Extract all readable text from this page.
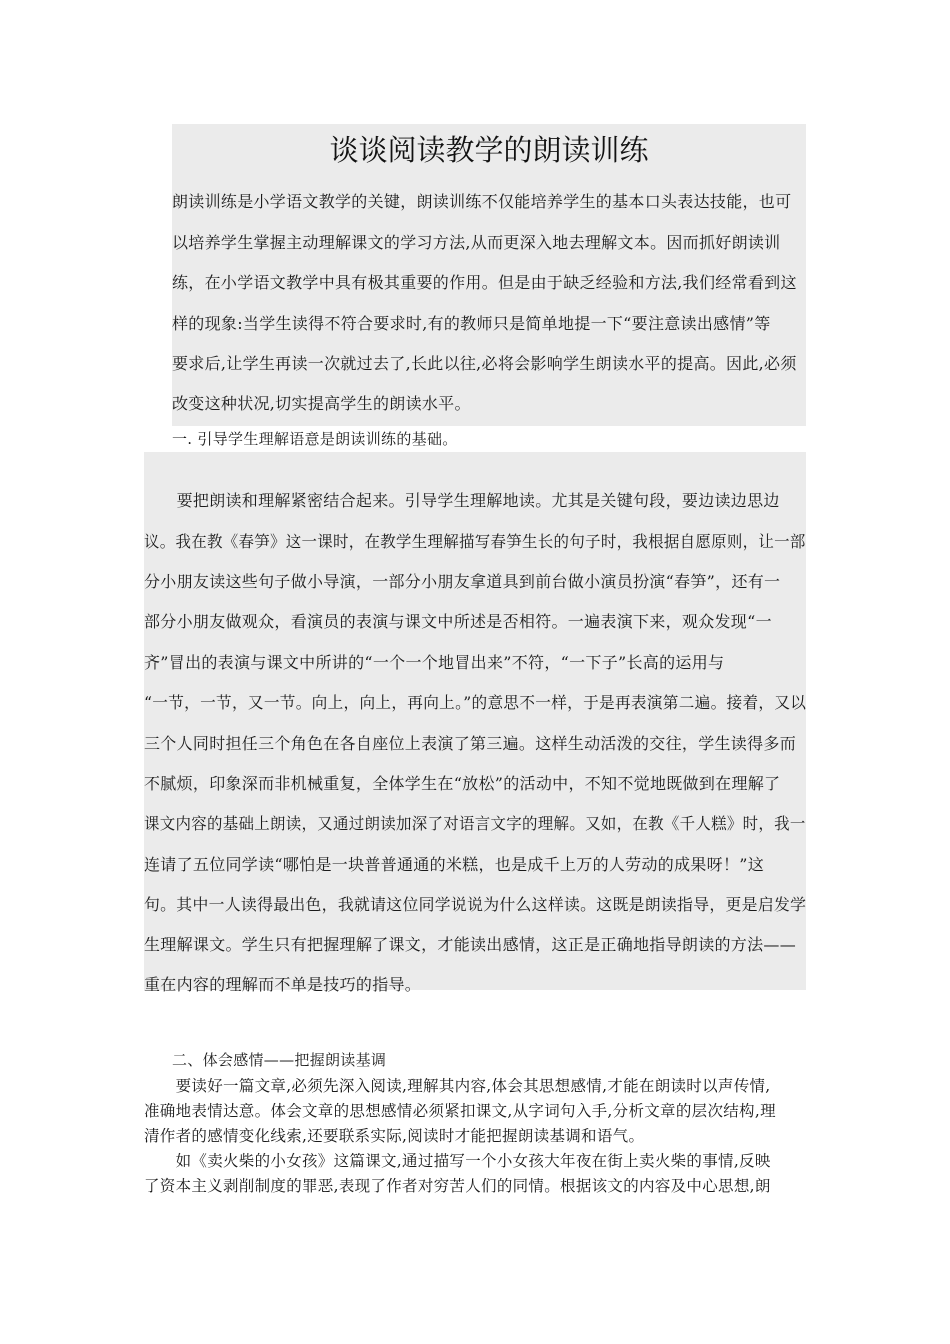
谈谈阅读教学的朗读训练
朗读训练是小学语文教学的关键，朗读训练不仅能培养学生的基本口头表达技能，也可
以培养学生掌握主动理解课文的学习方法,从而更深入地去理解文本。因而抓好朗读训
练，在小学语文教学中具有极其重要的作用。但是由于缺乏经验和方法,我们经常看到这
样的现象:当学生读得不符合要求时,有的教师只是简单地提一下“要注意读出感情”等
要求后,让学生再读一次就过去了,长此以往,必将会影响学生朗读水平的提高。因此,必须
改变这种状况,切实提高学生的朗读水平。
一. 引导学生理解语意是朗读训练的基础。
　　要把朗读和理解紧密结合起来。引导学生理解地读。尤其是关键句段，要边读边思边
议。我在教《春笋》这一课时，在教学生理解描写春笋生长的句子时，我根据自愿原则，让一部
分小朋友读这些句子做小导演，一部分小朋友拿道具到前台做小演员扮演“春笋”，还有一
部分小朋友做观众，看演员的表演与课文中所述是否相符。一遍表演下来，观众发现“一
齐”冒出的表演与课文中所讲的“一个一个地冒出来”不符，“一下子”长高的运用与
“一节，一节，又一节。向上，向上，再向上。”的意思不一样，于是再表演第二遍。接着，又以
三个人同时担任三个角色在各自座位上表演了第三遍。这样生动活泼的交往，学生读得多而
不腻烦，印象深而非机械重复，全体学生在“放松”的活动中，不知不觉地既做到在理解了
课文内容的基础上朗读，又通过朗读加深了对语言文字的理解。又如，在教《千人糕》时，我一
连请了五位同学读“哪怕是一块普普通通的米糕，也是成千上万的人劳动的成果呀！”这
句。其中一人读得最出色，我就请这位同学说说为什么这样读。这既是朗读指导，更是启发学
生理解课文。学生只有把握理解了课文，才能读出感情，这正是正确地指导朗读的方法——
重在内容的理解而不单是技巧的指导。
二、体会感情——把握朗读基调
　　要读好一篇文章,必须先深入阅读,理解其内容,体会其思想感情,才能在朗读时以声传情,
准确地表情达意。体会文章的思想感情必须紧扣课文,从字词句入手,分析文章的层次结构,理
清作者的感情变化线索,还要联系实际,阅读时才能把握朗读基调和语气。
　　如《卖火柴的小女孩》这篇课文,通过描写一个小女孩大年夜在街上卖火柴的事情,反映
了资本主义剥削制度的罪恶,表现了作者对穷苦人们的同情。根据该文的内容及中心思想,朗
